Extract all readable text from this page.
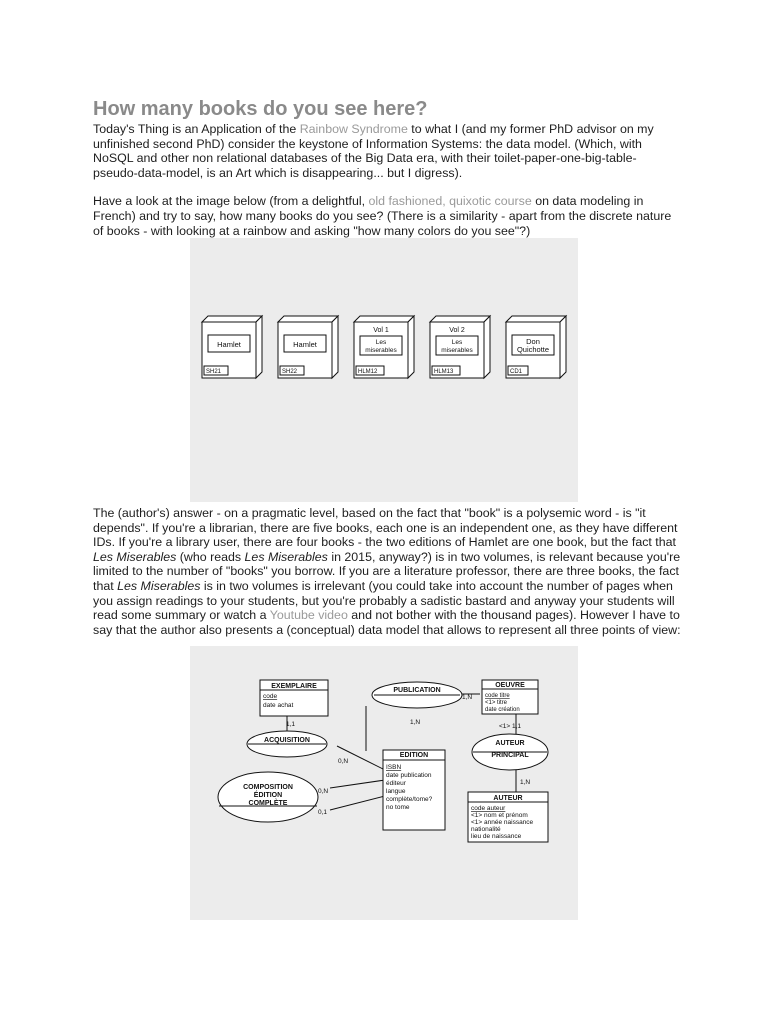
How many books do you see here?

Today's Thing is an Application of the Rainbow Syndrome to what I (and my former PhD advisor on my unfinished second PhD) consider the keystone of Information Systems: the data model. (Which, with NoSQL and other non relational databases of the Big Data era, with their toilet-paper-one-big-table-pseudo-data-model, is an Art which is disappearing... but I digress).

Have a look at the image below (from a delightful, old fashioned, quixotic course on data modeling in French) and try to say, how many books do you see? (There is a similarity - apart from the discrete nature of books - with looking at a rainbow and asking "how many colors do you see"?)

Hamlet
SH21
Hamlet
SH22
Vol 1
Les
miserables
HLM12
Vol 2
Les
miserables
HLM13
Don
Quichotte
CD1

The (author's) answer - on a pragmatic level, based on the fact that "book" is a polysemic word - is "it depends". If you're a librarian, there are five books, each one is an independent one, as they have different IDs. If you're a library user, there are four books - the two editions of Hamlet are one book, but the fact that Les Miserables (who reads Les Miserables in 2015, anyway?) is in two volumes, is relevant because you're limited to the number of "books" you borrow. If you are a literature professor, there are three books, the fact that Les Miserables is in two volumes is irrelevant (you could take into account the number of pages when you assign readings to your students, but you're probably a sadistic bastard and anyway your students will read some summary or watch a Youtube video and not bother with the thousand pages). However I have to say that the author also presents a (conceptual) data model that allows to represent all three points of view:

EXEMPLAIRE
code
date achat
PUBLICATION
OEUVRE
code titre
<1> titre
date création
ACQUISITION
EDITION
ISBN
date publication
éditeur
langue
complète/tome?
no tome
AUTEUR
PRINCIPAL
COMPOSITION
ÉDITION
COMPLÈTE
AUTEUR
code auteur
<1> nom et prénom
<1> année naissance
nationalité
lieu de naissance
1,N
1,1	1,N
0,N
<1> 1,1
0,N
0,1
1,N
